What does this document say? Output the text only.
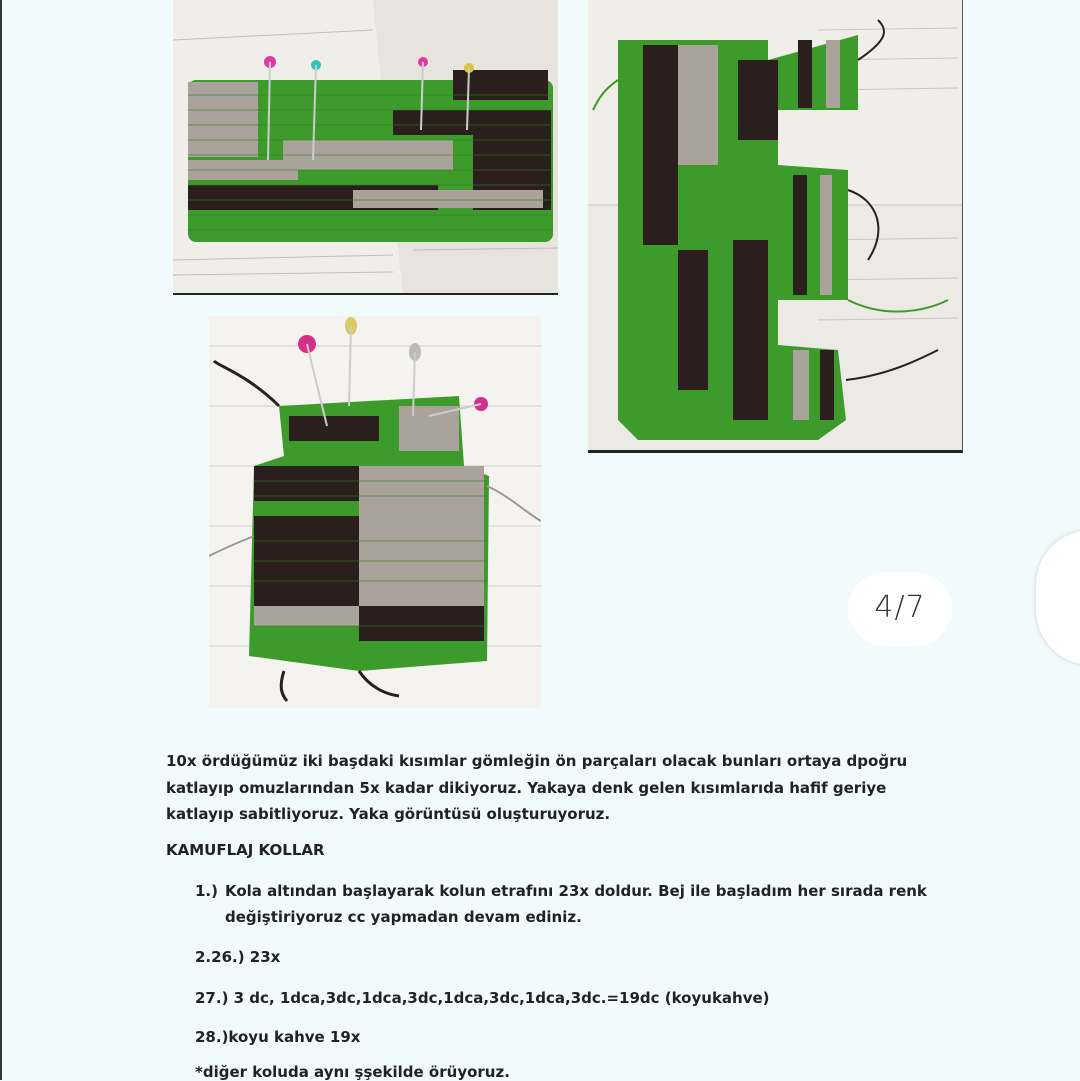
4/7

10x ördüğümüz iki başdaki kısımlar gömleğin ön parçaları olacak bunları ortaya dpoğru katlayıp omuzlarından 5x kadar dikiyoruz. Yakaya denk gelen kısımlarıda hafif geriye katlayıp sabitliyoruz. Yaka görüntüsü oluşturuyoruz.

KAMUFLAJ KOLLAR
1.) Kola altından başlayarak kolun etrafını 23x doldur. Bej ile başladım her sırada renk
değiştiriyoruz cc yapmadan devam ediniz.
2.26.) 23x
27.) 3 dc, 1dca,3dc,1dca,3dc,1dca,3dc,1dca,3dc.=19dc (koyukahve)
28.)koyu kahve 19x
*diğer koluda aynı şşekilde örüyoruz.
